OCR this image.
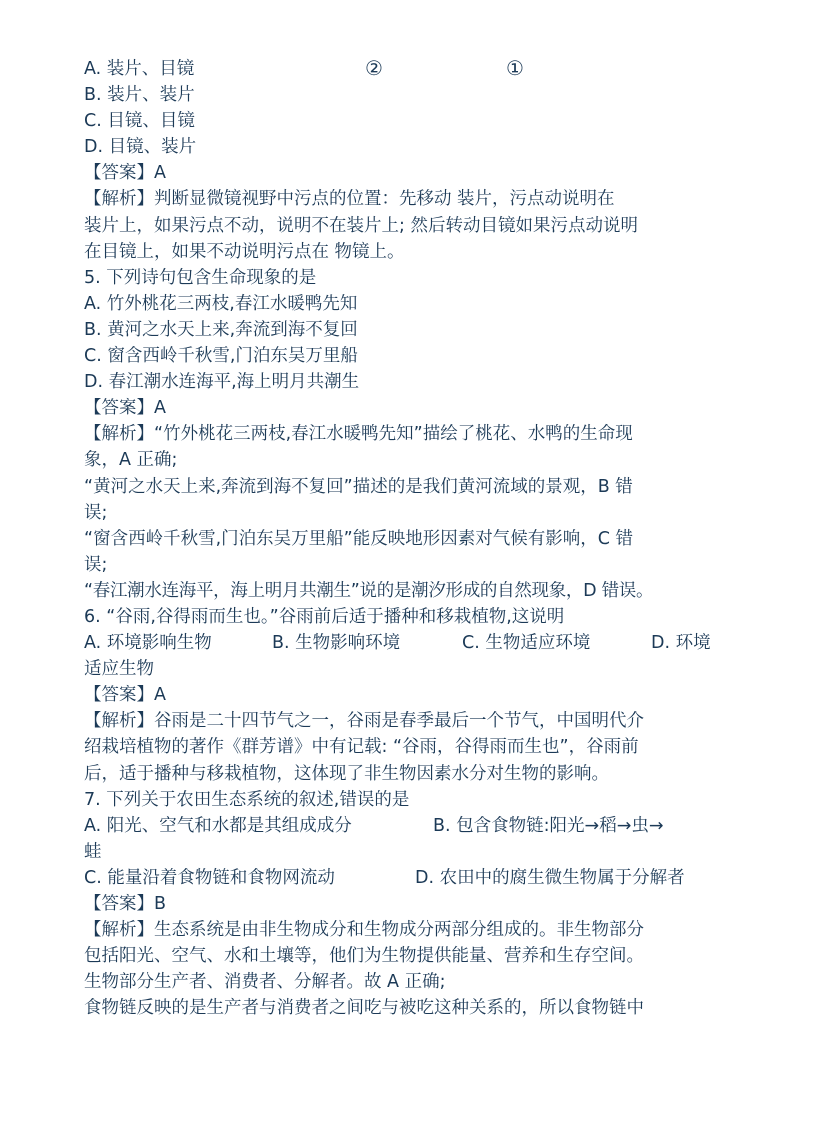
②	①
A. 装片、目镜
B. 装片、装片
C. 目镜、目镜
D. 目镜、装片
【答案】A
【解析】判断显微镜视野中污点的位置：先移动 装片，污点动说明在
装片上，如果污点不动，说明不在装片上; 然后转动目镜如果污点动说明
在目镜上，如果不动说明污点在 物镜上。
5. 下列诗句包含生命现象的是
A. 竹外桃花三两枝,春江水暖鸭先知
B. 黄河之水天上来,奔流到海不复回
C. 窗含西岭千秋雪,门泊东吴万里船
D. 春江潮水连海平,海上明月共潮生
【答案】A
【解析】“竹外桃花三两枝,春江水暖鸭先知”描绘了桃花、水鸭的生命现
象，A 正确;
“黄河之水天上来,奔流到海不复回”描述的是我们黄河流域的景观，B 错
误;
“窗含西岭千秋雪,门泊东吴万里船”能反映地形因素对气候有影响，C 错
误;
“春江潮水连海平，海上明月共潮生”说的是潮汐形成的自然现象，D 错误。
6. “谷雨,谷得雨而生也。”谷雨前后适于播种和移栽植物,这说明
A. 环境影响生物	B. 生物影响环境	C. 生物适应环境	D. 环境
适应生物
【答案】A
【解析】谷雨是二十四节气之一，谷雨是春季最后一个节气，中国明代介
绍栽培植物的著作《群芳谱》中有记载: “谷雨，谷得雨而生也”，谷雨前
后，适于播种与移栽植物，这体现了非生物因素水分对生物的影响。
7. 下列关于农田生态系统的叙述,错误的是
A. 阳光、空气和水都是其组成成分	B. 包含食物链:阳光→稻→虫→
蛙
C. 能量沿着食物链和食物网流动	D. 农田中的腐生微生物属于分解者
【答案】B
【解析】生态系统是由非生物成分和生物成分两部分组成的。非生物部分
包括阳光、空气、水和土壤等，他们为生物提供能量、营养和生存空间。
生物部分生产者、消费者、分解者。故 A 正确;
食物链反映的是生产者与消费者之间吃与被吃这种关系的，所以食物链中
